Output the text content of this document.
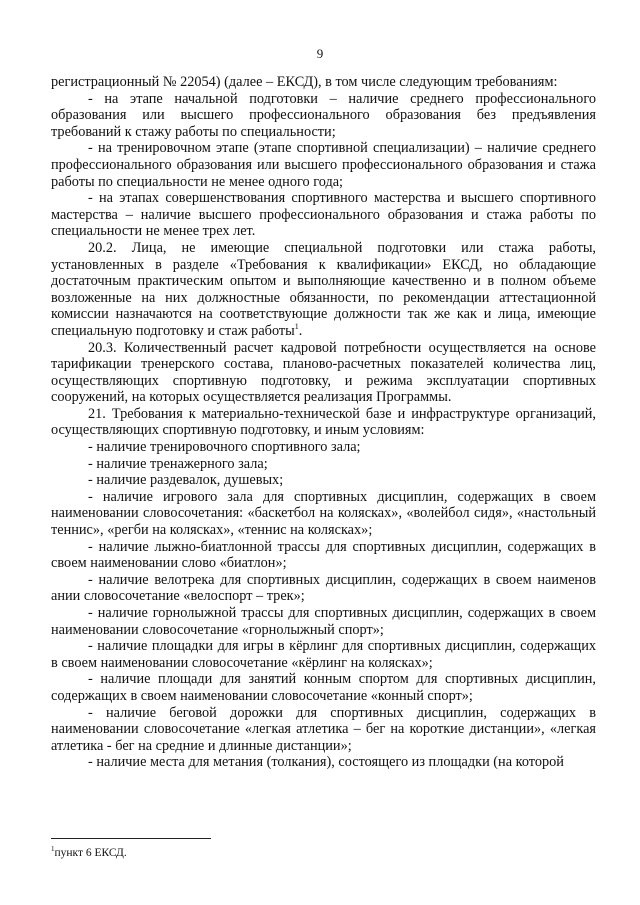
9

регистрационный № 22054) (далее – ЕКСД), в том числе следующим требованиям:

- на этапе начальной подготовки – наличие среднего профессионального образования или высшего профессионального образования без предъявления требований к стажу работы по специальности;

- на тренировочном этапе (этапе спортивной специализации) – наличие среднего профессионального образования или высшего профессионального образования и стажа работы по специальности не менее одного года;

- на этапах совершенствования спортивного мастерства и высшего спортивного мастерства – наличие высшего профессионального образования и стажа работы по специальности не менее трех лет.

20.2. Лица, не имеющие специальной подготовки или стажа работы, установленных в разделе «Требования к квалификации» ЕКСД, но обладающие достаточным практическим опытом и выполняющие качественно и в полном объеме возложенные на них должностные обязанности, по рекомендации аттестационной комиссии назначаются на соответствующие должности так же как и лица, имеющие специальную подготовку и стаж работы$^1$.

20.3. Количественный расчет кадровой потребности осуществляется на основе тарификации тренерского состава, планово-расчетных показателей количества лиц, осуществляющих спортивную подготовку, и режима эксплуатации спортивных сооружений, на которых осуществляется реализация Программы.

21. Требования к материально-технической базе и инфраструктуре организаций, осуществляющих спортивную подготовку, и иным условиям:

- наличие тренировочного спортивного зала;

- наличие тренажерного зала;

- наличие раздевалок, душевых;

- наличие игрового зала для спортивных дисциплин, содержащих в своем наименовании словосочетания: «баскетбол на колясках», «волейбол сидя», «настольный теннис», «регби на колясках», «теннис на колясках»;

- наличие лыжно-биатлонной трассы для спортивных дисциплин, содержащих в своем наименовании слово «биатлон»;

- наличие велотрека для спортивных дисциплин, содержащих в своем наименов ании словосочетание «велоспорт – трек»;

- наличие горнолыжной трассы для спортивных дисциплин, содержащих в своем наименовании словосочетание «горнолыжный спорт»;

- наличие площадки для игры в кёрлинг для спортивных дисциплин, содержащих в своем наименовании словосочетание «кёрлинг на колясках»;

- наличие площади для занятий конным спортом для спортивных дисциплин, содержащих в своем наименовании словосочетание «конный спорт»;

- наличие беговой дорожки для спортивных дисциплин, содержащих в наименовании словосочетание «легкая атлетика – бег на короткие дистанции», «легкая атлетика - бег на средние и длинные дистанции»;

- наличие места для метания (толкания), состоящего из площадки (на которой

$^1$пункт 6 ЕКСД.
